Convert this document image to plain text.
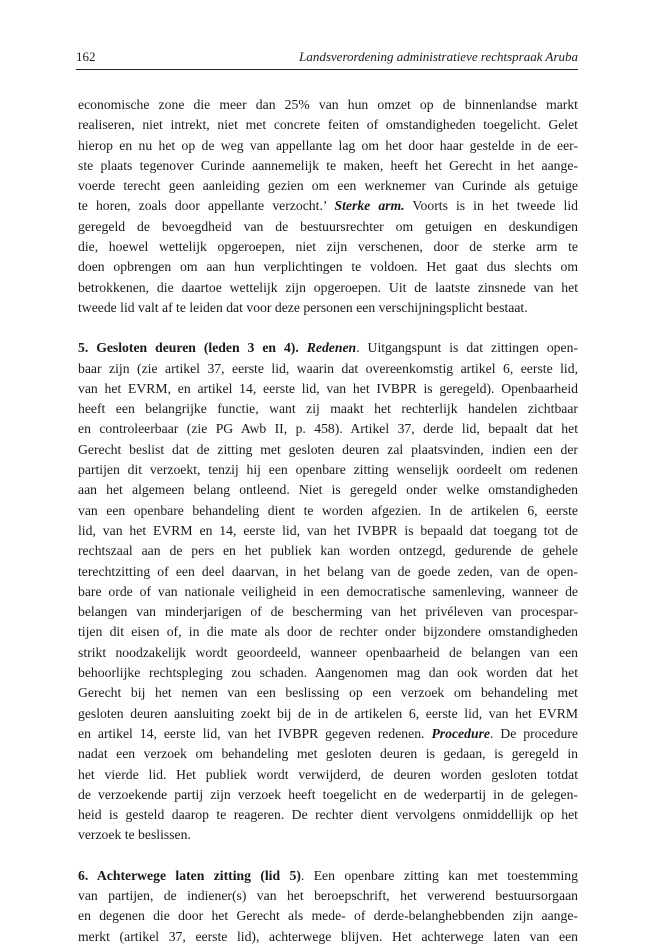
162	Landsverordening administratieve rechtspraak Aruba

economische zone die meer dan 25% van hun omzet op de binnenlandse markt

realiseren, niet intrekt, niet met concrete feiten of omstandigheden toegelicht. Gelet

hierop en nu het op de weg van appellante lag om het door haar gestelde in de eer-

ste plaats tegenover Curinde aannemelijk te maken, heeft het Gerecht in het aange-

voerde terecht geen aanleiding gezien om een werknemer van Curinde als getuige

te horen, zoals door appellante verzocht.’ Sterke arm. Voorts is in het tweede lid

geregeld de bevoegdheid van de bestuursrechter om getuigen en deskundigen

die, hoewel wettelijk opgeroepen, niet zijn verschenen, door de sterke arm te

doen opbrengen om aan hun verplichtingen te voldoen. Het gaat dus slechts om

betrokkenen, die daartoe wettelijk zijn opgeroepen. Uit de laatste zinsnede van het

tweede lid valt af te leiden dat voor deze personen een verschijningsplicht bestaat.

5. Gesloten deuren (leden 3 en 4). Redenen. Uitgangspunt is dat zittingen open-

baar zijn (zie artikel 37, eerste lid, waarin dat overeenkomstig artikel 6, eerste lid,

van het EVRM, en artikel 14, eerste lid, van het IVBPR is geregeld). Openbaarheid

heeft een belangrijke functie, want zij maakt het rechterlijk handelen zichtbaar

en controleerbaar (zie PG Awb II, p. 458). Artikel 37, derde lid, bepaalt dat het

Gerecht beslist dat de zitting met gesloten deuren zal plaatsvinden, indien een der

partijen dit verzoekt, tenzij hij een openbare zitting wenselijk oordeelt om redenen

aan het algemeen belang ontleend. Niet is geregeld onder welke omstandigheden

van een openbare behandeling dient te worden afgezien. In de artikelen 6, eerste

lid, van het EVRM en 14, eerste lid, van het IVBPR is bepaald dat toegang tot de

rechtszaal aan de pers en het publiek kan worden ontzegd, gedurende de gehele

terechtzitting of een deel daarvan, in het belang van de goede zeden, van de open-

bare orde of van nationale veiligheid in een democratische samenleving, wanneer de

belangen van minderjarigen of de bescherming van het privéleven van procespar-

tijen dit eisen of, in die mate als door de rechter onder bijzondere omstandigheden

strikt noodzakelijk wordt geoordeeld, wanneer openbaarheid de belangen van een

behoorlijke rechtspleging zou schaden. Aangenomen mag dan ook worden dat het

Gerecht bij het nemen van een beslissing op een verzoek om behandeling met

gesloten deuren aansluiting zoekt bij de in de artikelen 6, eerste lid, van het EVRM

en artikel 14, eerste lid, van het IVBPR gegeven redenen. Procedure. De procedure

nadat een verzoek om behandeling met gesloten deuren is gedaan, is geregeld in

het vierde lid. Het publiek wordt verwijderd, de deuren worden gesloten totdat

de verzoekende partij zijn verzoek heeft toegelicht en de wederpartij in de gelegen-

heid is gesteld daarop te reageren. De rechter dient vervolgens onmiddellijk op het

verzoek te beslissen.

6. Achterwege laten zitting (lid 5). Een openbare zitting kan met toestemming

van partijen, de indiener(s) van het beroepschrift, het verwerend bestuursorgaan

en degenen die door het Gerecht als mede- of derde-belanghebbenden zijn aange-

merkt (artikel 37, eerste lid), achterwege blijven. Het achterwege laten van een
